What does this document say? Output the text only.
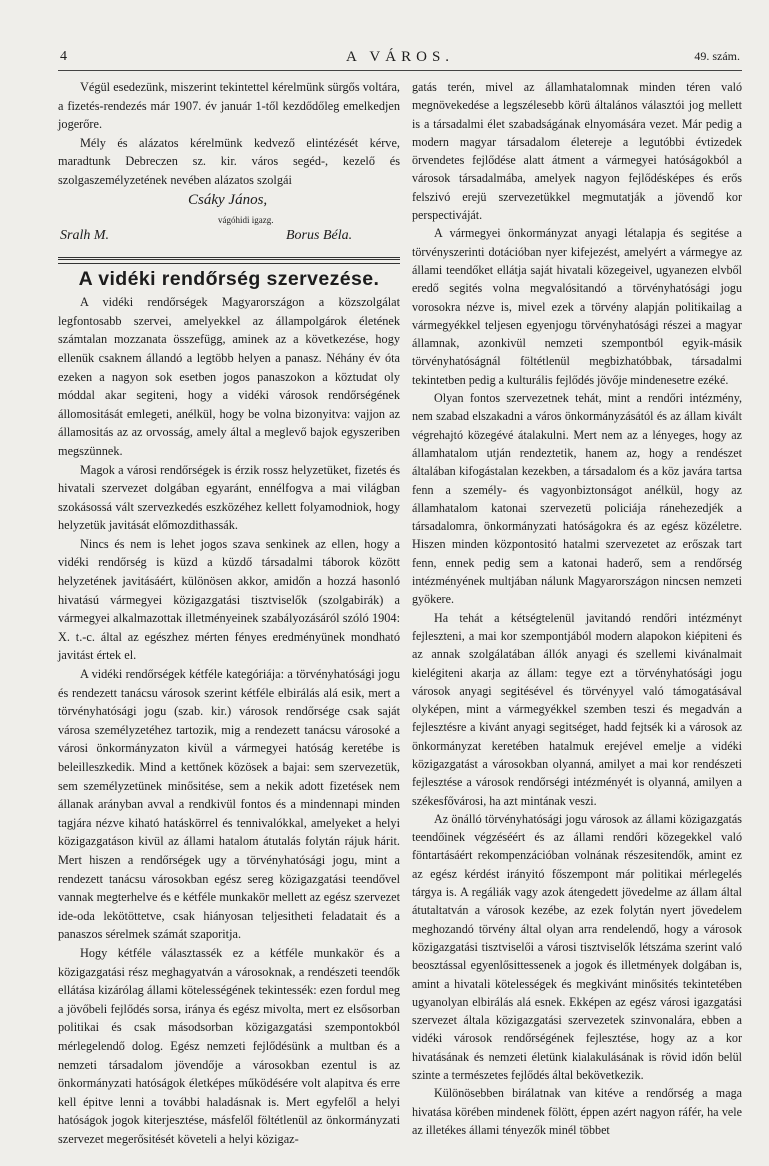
4	A VÁROS.	49. szám.

Végül esedezünk, miszerint tekintettel kérelmünk sürgős voltára, a fizetés-rendezés már 1907. év január 1-től kezdődőleg emelkedjen jogerőre.

Mély és alázatos kérelmünk kedvező elintézését kérve, maradtunk Debreczen sz. kir. város segéd-, kezelő és szolgaszemélyzetének nevében alázatos szolgái

Csáky János,
vágóhidi igazg.
Sralh M.	Borus Béla.
A vidéki rendőrség szervezése.

A vidéki rendőrségek Magyarországon a közszolgálat legfontosabb szervei, amelyekkel az állampolgárok életének számtalan mozzanata összefügg, aminek az a következése, hogy ellenük csaknem állandó a legtöbb helyen a panasz. Néhány év óta ezeken a nagyon sok esetben jogos panaszokon a köztudat oly móddal akar segiteni, hogy a vidéki városok rendőrségének állomositását emlegeti, anélkül, hogy be volna bizonyitva: vajjon az államositás az az orvosság, amely által a meglevő bajok egyszeriben megszünnek.

Magok a városi rendőrségek is érzik rossz helyzetüket, fizetés és hivatali szervezet dolgában egyaránt, ennélfogva a mai világban szokásossá vált szervezkedés eszközéhez kellett folyamodniok, hogy helyzetük javitását előmozdithassák.

Nincs és nem is lehet jogos szava senkinek az ellen, hogy a vidéki rendőrség is küzd a küzdő társadalmi táborok között helyzetének javitásáért, különösen akkor, amidőn a hozzá hasonló hivatású vármegyei közigazgatási tisztviselők (szolgabirák) a vármegyei alkalmazottak illetményeinek szabályozásáról szóló 1904: X. t.-c. által az egészhez mérten fényes eredményünek mondható javitást értek el.

A vidéki rendőrségek kétféle kategóriája: a törvényhatósági jogu és rendezett tanácsu városok szerint kétféle elbirálás alá esik, mert a törvényhatósági jogu (szab. kir.) városok rendőrsége csak saját városa személyzetéhez tartozik, mig a rendezett tanácsu városoké a városi önkormányzaton kivül a vármegyei hatóság keretébe is beleilleszkedik. Mind a kettőnek közösek a bajai: sem szervezetük, sem személyzetünek minősitése, sem a nekik adott fizetések nem állanak arányban avval a rendkivül fontos és a mindennapi minden tagjára nézve kiható hatáskörrel és tennivalókkal, amelyeket a helyi közigazgatáson kivül az állami hatalom átutalás folytán rájuk hárit. Mert hiszen a rendőrségek ugy a törvényhatósági jogu, mint a rendezett tanácsu városokban egész sereg közigazgatási teendővel vannak megterhelve és e kétféle munkakör mellett az egész szervezet ide-oda lekötöttetve, csak hiányosan teljesitheti feladatait és a panaszos sérelmek számát szaporitja.

Hogy kétféle választassék ez a kétféle munkakör és a közigazgatási rész meghagyatván a városoknak, a rendészeti teendők ellátása kizárólag állami kötelességének tekintessék: ezen fordul meg a jövőbeli fejlődés sorsa, iránya és egész mivolta, mert ez elsősorban politikai és csak másodsorban közigazgatási szempontokból mérlegelendő dolog. Egész nemzeti fejlődésünk a multban és a nemzeti társadalom jövendője a városokban ezentul is az önkormányzati hatóságok életképes működésére volt alapitva és erre kell épitve lenni a további haladásnak is. Mert egyfelől a helyi hatóságok jogok kiterjesztése, másfelől föltétlenül az önkormányzati szervezet megerősitését követeli a helyi közigaz-

gatás terén, mivel az államhatalomnak minden téren való megnövekedése a legszélesebb körü általános választói jog mellett is a társadalmi élet szabadságának elnyomására vezet. Már pedig a modern magyar társadalom életereje a legutóbbi évtizedek örvendetes fejlődése alatt átment a vármegyei hatóságokból a városok társadalmába, amelyek nagyon fejlődésképes és erős felszivó erejü szervezetükkel megmutatják a jövendő kor perspectiváját.

A vármegyei önkormányzat anyagi létalapja és segitése a törvényszerinti dotációban nyer kifejezést, amelyért a vármegye az állami teendőket ellátja saját hivatali közegeivel, ugyanezen elvből eredő segités volna megvalósitandó a törvényhatósági jogu vorosokra nézve is, mivel ezek a törvény alapján politikailag a vármegyékkel teljesen egyenjogu törvényhatósági részei a magyar államnak, azonkivül nemzeti szempontból egyik-másik törvényhatóságnál föltétlenül megbizhatóbbak, társadalmi tekintetben pedig a kulturális fejlődés jövője mindenesetre ezéké.

Olyan fontos szervezetnek tehát, mint a rendőri intézmény, nem szabad elszakadni a város önkormányzásától és az állam kivált végrehajtó közegévé átalakulni. Mert nem az a lényeges, hogy az államhatalom utján rendeztetik, hanem az, hogy a rendészet általában kifogástalan kezekben, a társadalom és a köz javára tartsa fenn a személy- és vagyonbiztonságot anélkül, hogy az államhatalom katonai szervezetü policiája ránehezedjék a társadalomra, önkormányzati hatóságokra és az egész közéletre. Hiszen minden központositó hatalmi szervezetet az erőszak tart fenn, ennek pedig sem a katonai haderő, sem a rendőrség intézményének multjában nálunk Magyarországon nincsen nemzeti gyökere.

Ha tehát a kétségtelenül javitandó rendőri intézményt fejleszteni, a mai kor szempontjából modern alapokon kiépiteni és az annak szolgálatában állók anyagi és szellemi kivánalmait kielégiteni akarja az állam: tegye ezt a törvényhatósági jogu városok anyagi segitésével és törvényyel való támogatásával olyképen, mint a vármegyékkel szemben teszi és megadván a fejlesztésre a kivánt anyagi segitséget, hadd fejtsék ki a városok az önkormányzat keretében hatalmuk erejével emelje a vidéki közigazgatást a városokban olyanná, amilyet a mai kor rendészeti fejlesztése a városok rendőrségi intézményét is olyanná, amilyen a székesfővárosi, ha azt mintának veszi.

Az önálló törvényhatósági jogu városok az állami közigazgatás teendőinek végzéséért és az állami rendőri közegekkel való föntartásáért rekompenzációban volnának részesitendők, amint ez az egész kérdést irányitó főszempont már politikai mérlegelés tárgya is. A regáliák vagy azok átengedett jövedelme az állam által átutaltatván a városok kezébe, az ezek folytán nyert jövedelem meghozandó törvény által olyan arra rendelendő, hogy a városok közigazgatási tisztviselői a városi tisztviselők létszáma szerint való beosztással egyenlősittessenek a jogok és illetmények dolgában is, amint a hivatali kötelességek és megkivánt minősités tekintetében ugyanolyan elbirálás alá esnek. Ekképen az egész városi igazgatási szervezet általa közigazgatási szervezetek szinvonalára, ebben a vidéki városok rendőrségének fejlesztése, hogy az a kor hivatásának és nemzeti életünk kialakulásának is rövid időn belül szinte a természetes fejlődés által bekövetkezik.

Különösebben birálatnak van kitéve a rendőrség a maga hivatása körében mindenek fölött, éppen azért nagyon ráfér, ha vele az illetékes állami tényezők minél többet
